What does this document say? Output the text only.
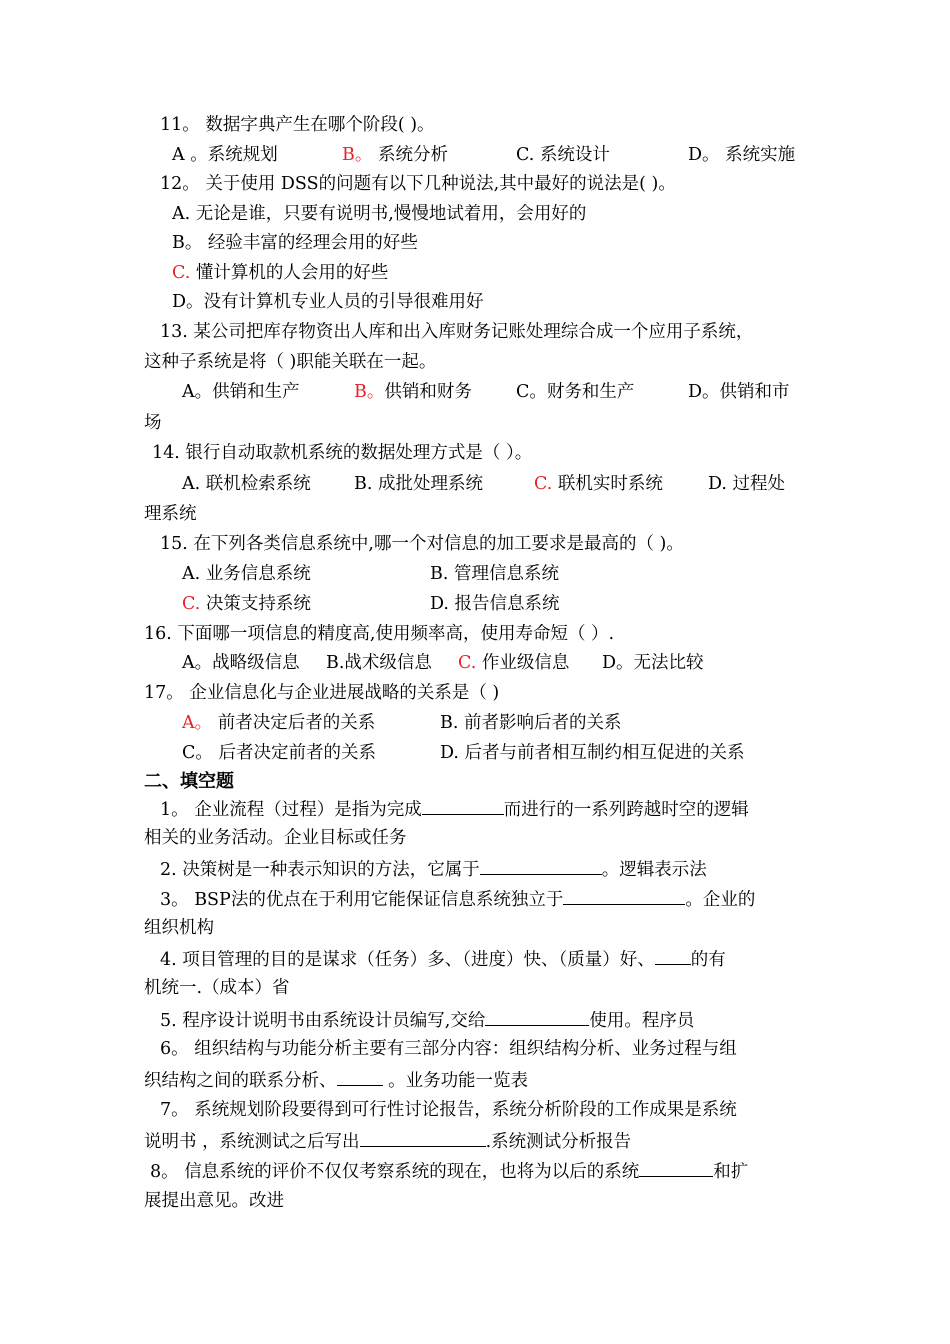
11。 数据字典产生在哪个阶段( )。
A 。系统规划	B。 系统分析	C. 系统设计	D。 系统实施
12。 关于使用 DSS的问题有以下几种说法,其中最好的说法是( )。
A. 无论是谁，只要有说明书,慢慢地试着用，会用好的
B。 经验丰富的经理会用的好些
C. 懂计算机的人会用的好些
D。没有计算机专业人员的引导很难用好
13. 某公司把库存物资出人库和出入库财务记账处理综合成一个应用子系统，
这种子系统是将（ )职能关联在一起。
A。供销和生产	B。供销和财务	C。财务和生产	D。供销和市
场
14. 银行自动取款机系统的数据处理方式是（ ）。
A. 联机检索系统 B. 成批处理系统	C. 联机实时系统	D. 过程处
理系统
15. 在下列各类信息系统中,哪一个对信息的加工要求是最高的（ )。
A. 业务信息系统	B. 管理信息系统
C. 决策支持系统	D. 报告信息系统
16. 下面哪一项信息的精度高,使用频率高，使用寿命短（ ）.
A。战略级信息 B.战术级信息 C. 作业级信息 D。无法比较
17。 企业信息化与企业进展战略的关系是（ )
A。 前者决定后者的关系	B. 前者影响后者的关系
C。 后者决定前者的关系	D. 后者与前者相互制约相互促进的关系
二、填空题
1。 企业流程（过程）是指为完成	而进行的一系列跨越时空的逻辑
相关的业务活动。企业目标或任务
2. 决策树是一种表示知识的方法，它属于	。逻辑表示法
3。 BSP法的优点在于利用它能保证信息系统独立于	。企业的
组织机构
4. 项目管理的目的是谋求（任务）多、（进度）快、（质量）好、 的有
机统一.（成本）省
5. 程序设计说明书由系统设计员编写,交给	使用。程序员
6。 组织结构与功能分析主要有三部分内容：组织结构分析、业务过程与组
织结构之间的联系分析、	。业务功能一览表
7。 系统规划阶段要得到可行性讨论报告，系统分析阶段的工作成果是系统
说明书 ，系统测试之后写出	.系统测试分析报告
8。 信息系统的评价不仅仅考察系统的现在，也将为以后的系统	和扩
展提出意见。改进
